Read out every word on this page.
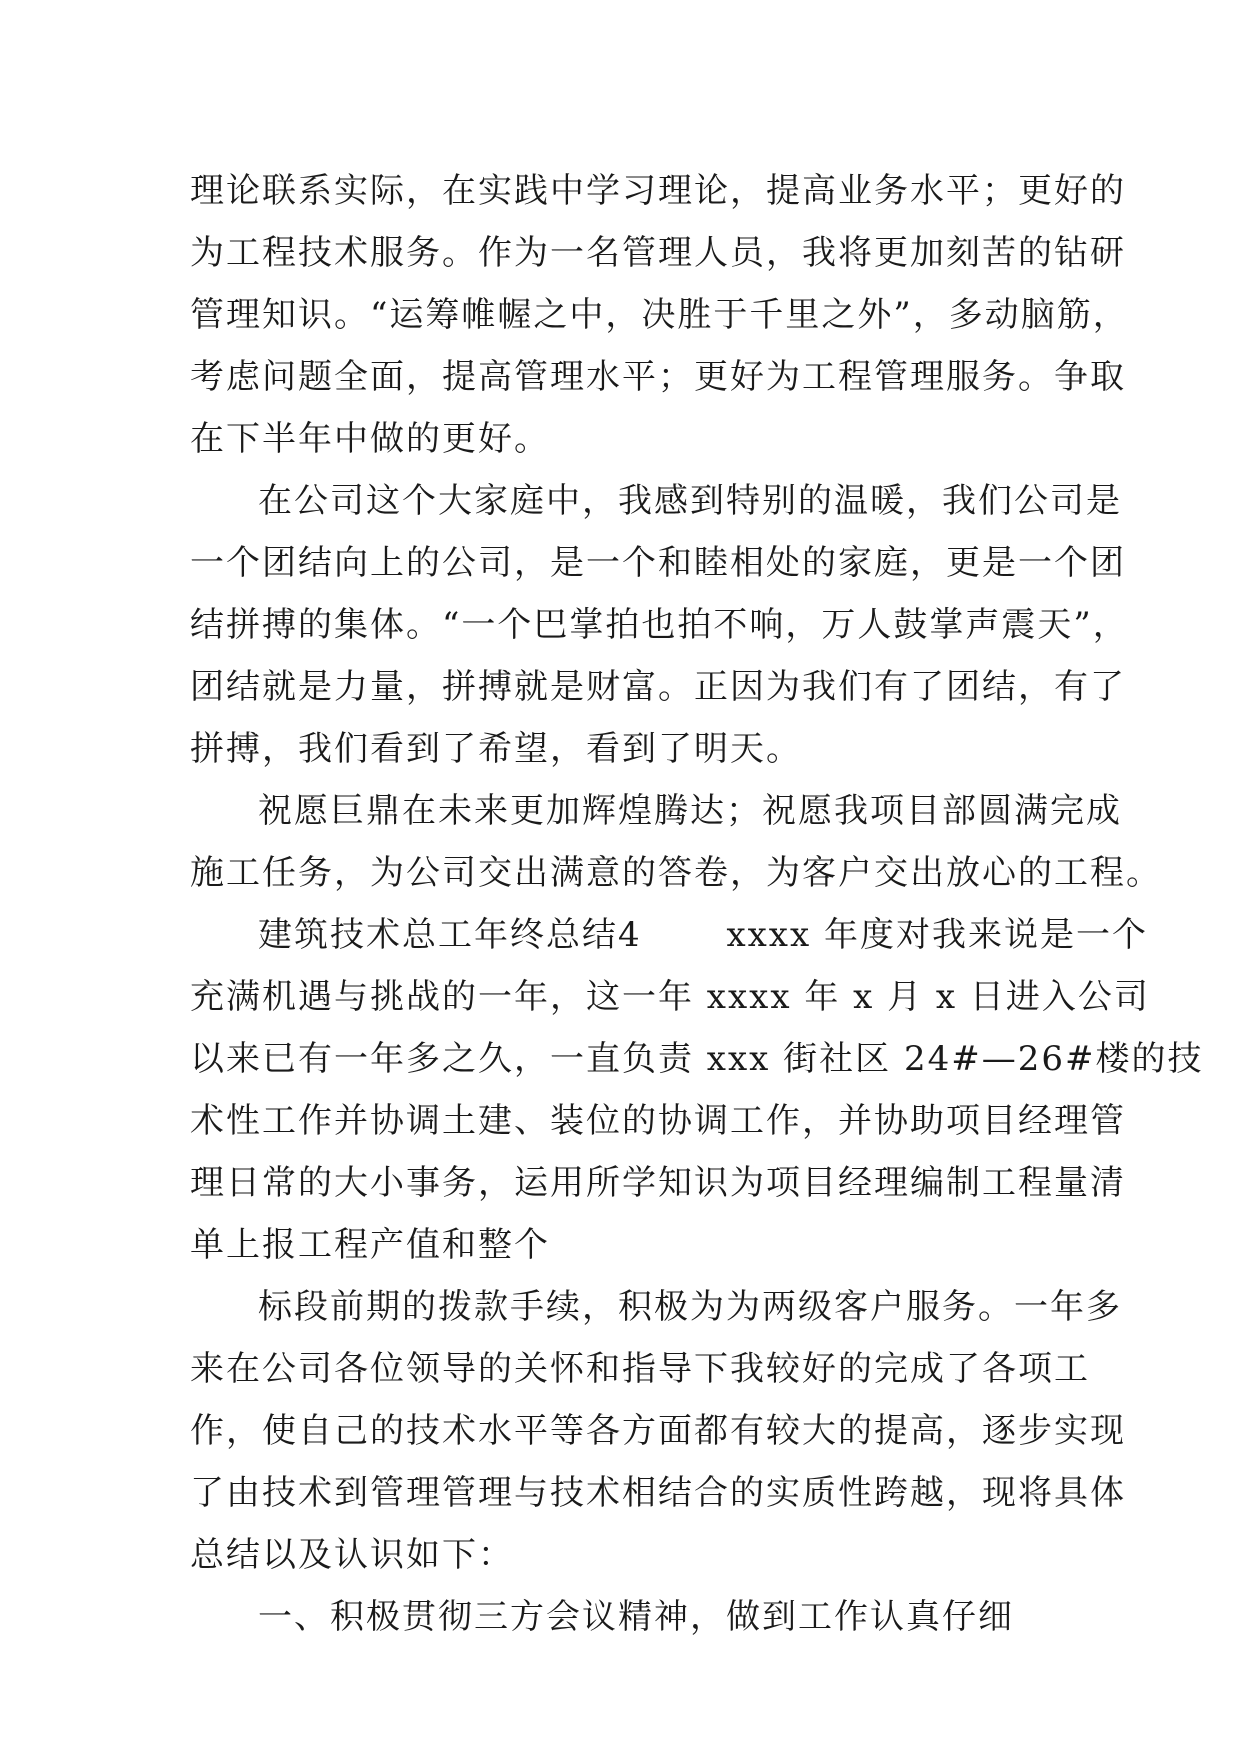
理论联系实际，在实践中学习理论，提高业务水平；更好的
为工程技术服务。作为一名管理人员，我将更加刻苦的钻研
管理知识。“运筹帷幄之中，决胜于千里之外”，多动脑筋，
考虑问题全面，提高管理水平；更好为工程管理服务。争取
在下半年中做的更好。
在公司这个大家庭中，我感到特别的温暖，我们公司是
一个团结向上的公司，是一个和睦相处的家庭，更是一个团
结拼搏的集体。“一个巴掌拍也拍不响，万人鼓掌声震天”，
团结就是力量，拼搏就是财富。正因为我们有了团结，有了
拼搏，我们看到了希望，看到了明天。
祝愿巨鼎在未来更加辉煌腾达；祝愿我项目部圆满完成
施工任务，为公司交出满意的答卷，为客户交出放心的工程。
建筑技术总工年终总结4　　 xxxx 年度对我来说是一个
充满机遇与挑战的一年，这一年 xxxx 年 x 月 x 日进入公司
以来已有一年多之久，一直负责 xxx 街社区 24#—26#楼的技
术性工作并协调土建、装位的协调工作，并协助项目经理管
理日常的大小事务，运用所学知识为项目经理编制工程量清
单上报工程产值和整个
标段前期的拨款手续，积极为为两级客户服务。一年多
来在公司各位领导的关怀和指导下我较好的完成了各项工
作，使自己的技术水平等各方面都有较大的提高，逐步实现
了由技术到管理管理与技术相结合的实质性跨越，现将具体
总结以及认识如下：
一、积极贯彻三方会议精神，做到工作认真仔细
